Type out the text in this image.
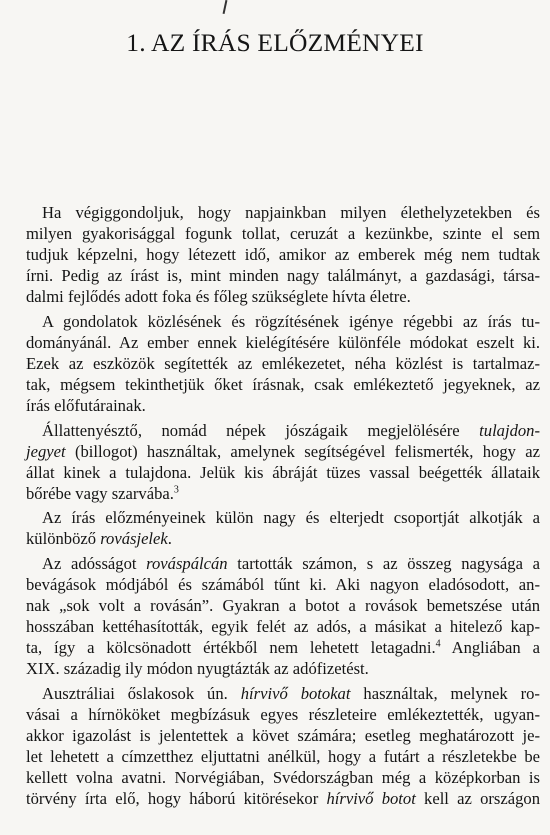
1. AZ ÍRÁS ELŐZMÉNYEI

Ha végiggondoljuk, hogy napjainkban milyen élethelyzetekben és
milyen gyakorisággal fogunk tollat, ceruzát a kezünkbe, szinte el sem
tudjuk képzelni, hogy létezett idő, amikor az emberek még nem tudtak
írni. Pedig az írást is, mint minden nagy találmányt, a gazdasági, társa-
dalmi fejlődés adott foka és főleg szükséglete hívta életre.

A gondolatok közlésének és rögzítésének igénye régebbi az írás tu-
dományánál. Az ember ennek kielégítésére különféle módokat eszelt ki.
Ezek az eszközök segítették az emlékezetet, néha közlést is tartalmaz-
tak, mégsem tekinthetjük őket írásnak, csak emlékeztető jegyeknek, az
írás előfutárainak.

Állattenyésztő, nomád népek jószágaik megjelölésére tulajdon-
jegyet (billogot) használtak, amelynek segítségével felismerték, hogy az
állat kinek a tulajdona. Jelük kis ábráját tüzes vassal beégették állataik
bőrébe vagy szarvába.$^3$

Az írás előzményeinek külön nagy és elterjedt csoportját alkotják a
különböző rovásjelek.

Az adósságot rováspálcán tartották számon, s az összeg nagysága a
bevágások módjából és számából tűnt ki. Aki nagyon eladósodott, an-
nak „sok volt a rovásán”. Gyakran a botot a rovások bemetszése után
hosszában kettéhasították, egyik felét az adós, a másikat a hitelező kap-
ta, így a kölcsönadott értékből nem lehetett letagadni.$^4$ Angliában a
XIX. századig ily módon nyugtázták az adófizetést.

Ausztráliai őslakosok ún. hírvivő botokat használtak, melynek ro-
vásai a hírnököket megbízásuk egyes részleteire emlékeztették, ugyan-
akkor igazolást is jelentettek a követ számára; esetleg meghatározott je-
let lehetett a címzetthez eljuttatni anélkül, hogy a futárt a részletekbe be
kellett volna avatni. Norvégiában, Svédországban még a középkorban is
törvény írta elő, hogy háború kitörésekor hírvivő botot kell az országon
